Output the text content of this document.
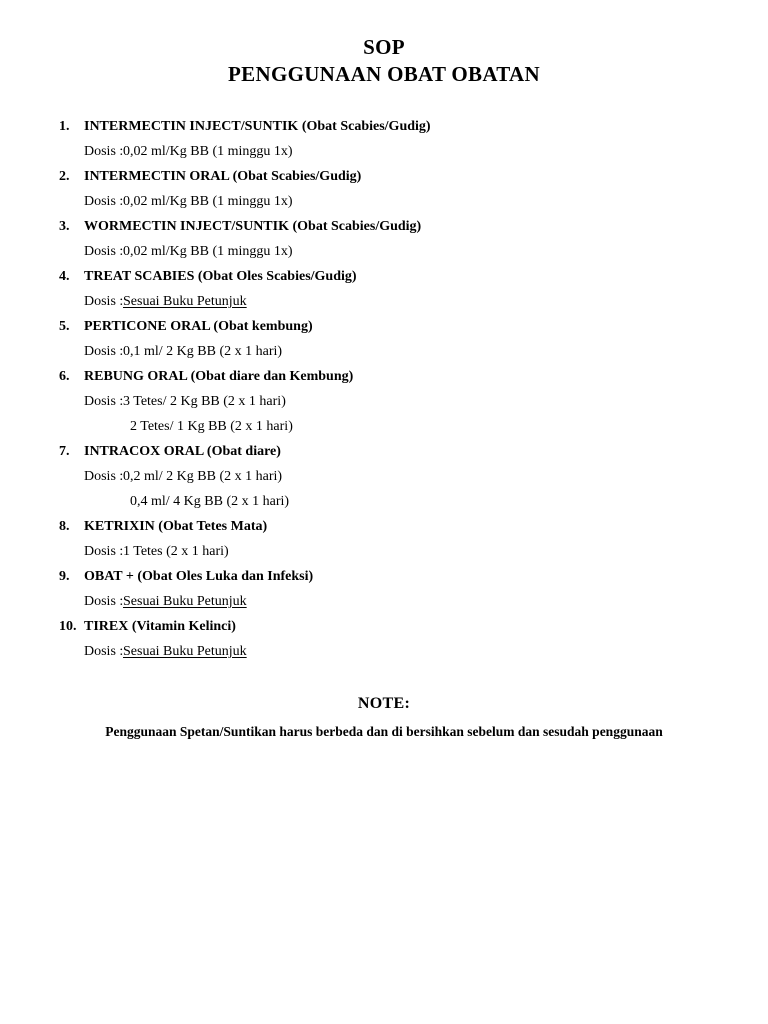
SOP
PENGGUNAAN OBAT OBATAN
1. INTERMECTIN INJECT/SUNTIK (Obat Scabies/Gudig)
Dosis : 0,02 ml/Kg BB (1 minggu 1x)
2. INTERMECTIN ORAL (Obat Scabies/Gudig)
Dosis : 0,02 ml/Kg BB (1 minggu 1x)
3. WORMECTIN INJECT/SUNTIK (Obat Scabies/Gudig)
Dosis : 0,02 ml/Kg BB (1 minggu 1x)
4. TREAT SCABIES (Obat Oles Scabies/Gudig)
Dosis : Sesuai Buku Petunjuk
5. PERTICONE ORAL (Obat kembung)
Dosis : 0,1 ml/ 2 Kg BB (2 x 1 hari)
6. REBUNG ORAL (Obat diare dan Kembung)
Dosis : 3 Tetes/ 2 Kg BB (2 x 1 hari)
2 Tetes/ 1 Kg BB (2 x 1 hari)
7. INTRACOX ORAL (Obat diare)
Dosis : 0,2 ml/ 2 Kg BB (2 x 1 hari)
0,4 ml/ 4 Kg BB (2 x 1 hari)
8. KETRIXIN (Obat Tetes Mata)
Dosis : 1 Tetes (2 x 1 hari)
9. OBAT + (Obat Oles Luka dan Infeksi)
Dosis : Sesuai Buku Petunjuk
10. TIREX (Vitamin Kelinci)
Dosis : Sesuai Buku Petunjuk
NOTE:
Penggunaan Spetan/Suntikan harus berbeda dan di bersihkan sebelum dan sesudah penggunaan
